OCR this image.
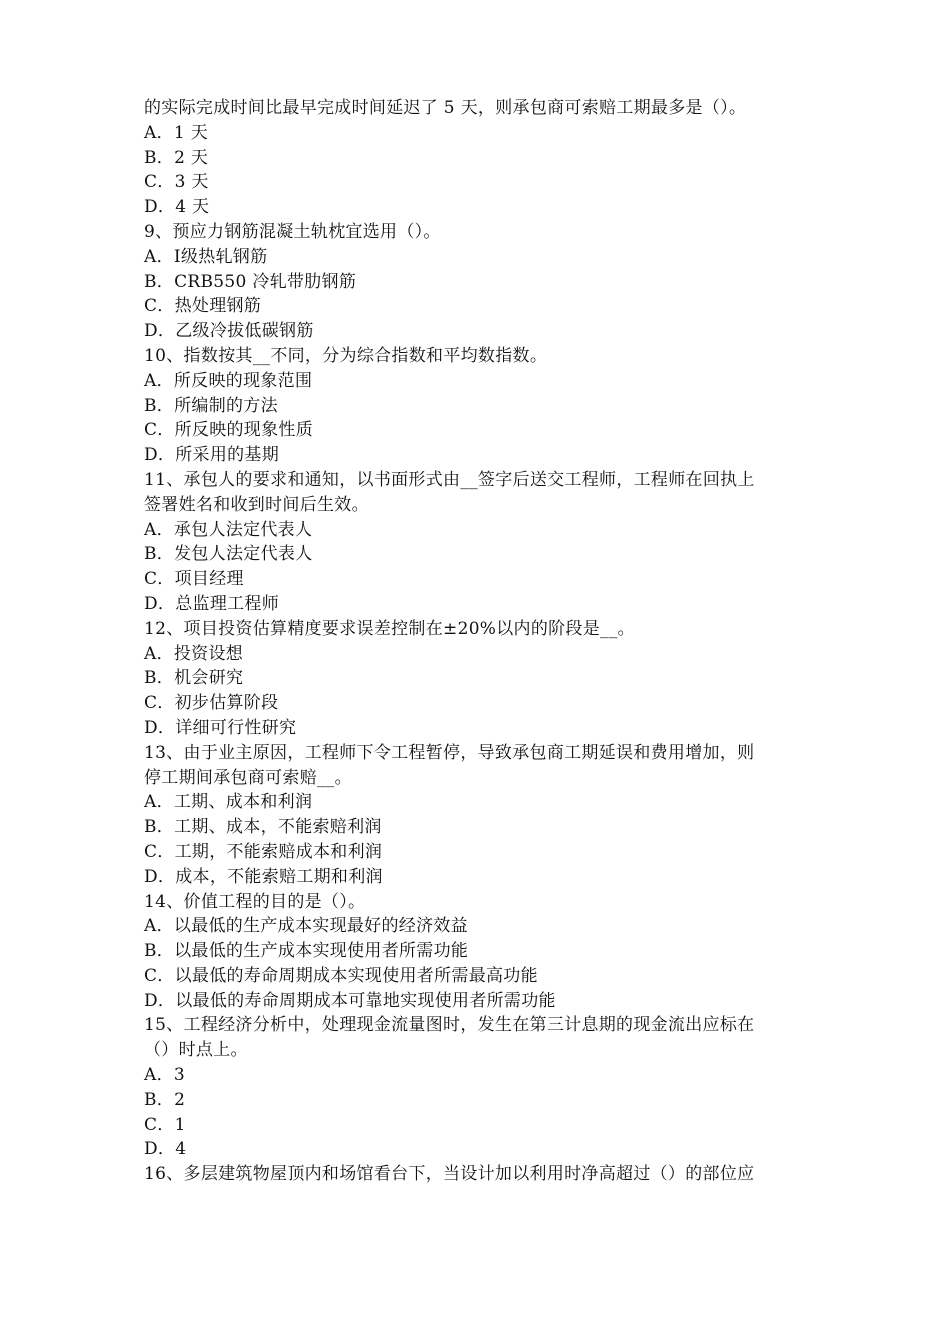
的实际完成时间比最早完成时间延迟了 5 天，则承包商可索赔工期最多是（）。
A．1 天
B．2 天
C．3 天
D．4 天
9、预应力钢筋混凝土轨枕宜选用（）。
A．Ⅰ级热轧钢筋
B．CRB550 冷轧带肋钢筋
C．热处理钢筋
D．乙级冷拔低碳钢筋
10、指数按其__不同，分为综合指数和平均数指数。
A．所反映的现象范围
B．所编制的方法
C．所反映的现象性质
D．所采用的基期
11、承包人的要求和通知，以书面形式由__签字后送交工程师，工程师在回执上
签署姓名和收到时间后生效。
A．承包人法定代表人
B．发包人法定代表人
C．项目经理
D．总监理工程师
12、项目投资估算精度要求误差控制在±20%以内的阶段是__。
A．投资设想
B．机会研究
C．初步估算阶段
D．详细可行性研究
13、由于业主原因，工程师下令工程暂停，导致承包商工期延误和费用增加，则
停工期间承包商可索赔__。
A．工期、成本和利润
B．工期、成本，不能索赔利润
C．工期，不能索赔成本和利润
D．成本，不能索赔工期和利润
14、价值工程的目的是（）。
A．以最低的生产成本实现最好的经济效益
B．以最低的生产成本实现使用者所需功能
C．以最低的寿命周期成本实现使用者所需最高功能
D．以最低的寿命周期成本可靠地实现使用者所需功能
15、工程经济分析中，处理现金流量图时，发生在第三计息期的现金流出应标在
（）时点上。
A．3
B．2
C．1
D．4
16、多层建筑物屋顶内和场馆看台下，当设计加以利用时净高超过（）的部位应
